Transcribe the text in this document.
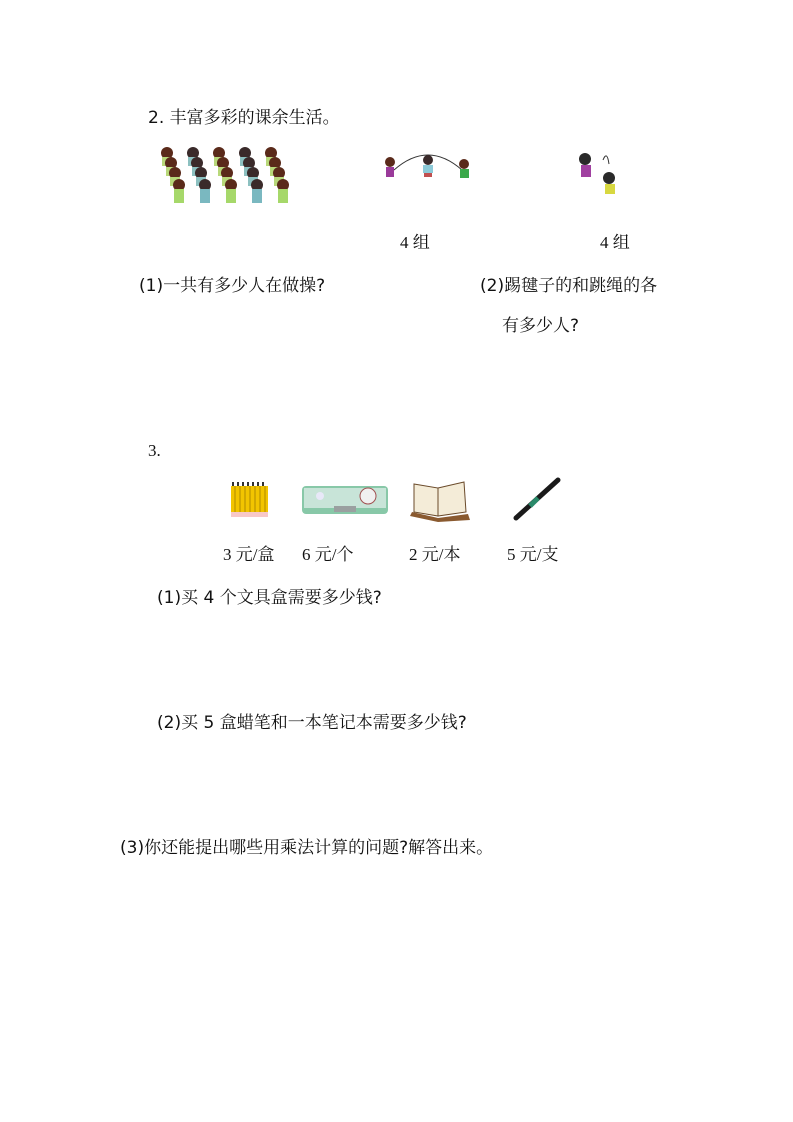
2. 丰富多彩的课余生活。
4 组	4 组
(1)一共有多少人在做操?	(2)踢毽子的和跳绳的各
有多少人?
3.
3 元/盒 6 元/个	2 元/本	5 元/支
(1)买 4 个文具盒需要多少钱?
(2)买 5 盒蜡笔和一本笔记本需要多少钱?
(3)你还能提出哪些用乘法计算的问题?解答出来。
